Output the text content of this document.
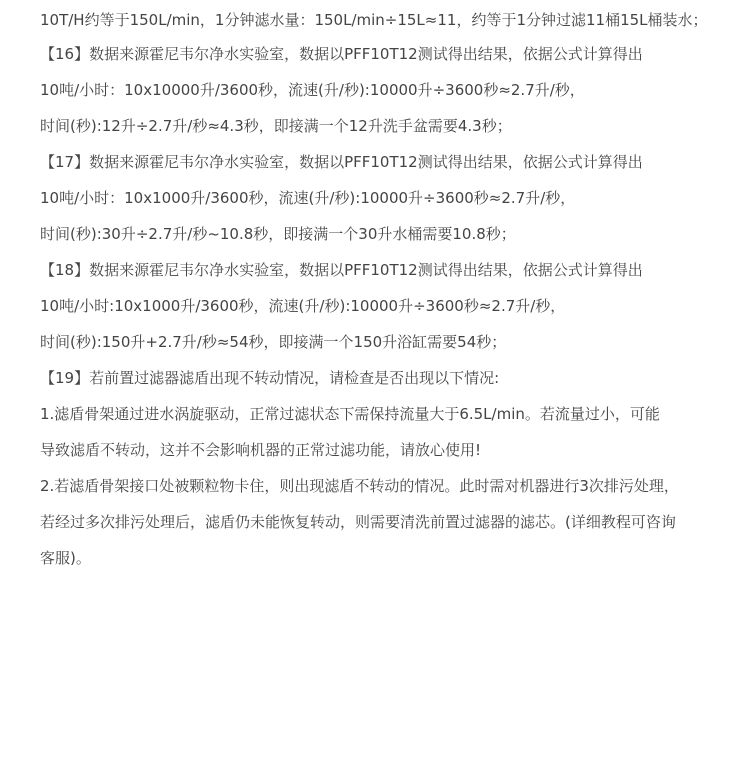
10T/H约等于150L/min，1分钟滤水量：150L/min÷15L≈11，约等于1分钟过滤11桶15L桶装水；
【16】数据来源霍尼韦尔净水实验室，数据以PFF10T12测试得出结果，依据公式计算得出
10吨/小时：10x10000升/3600秒，流速(升/秒):10000升÷3600秒≈2.7升/秒，
时间(秒):12升÷2.7升/秒≈4.3秒，即接满一个12升洗手盆需要4.3秒；
【17】数据来源霍尼韦尔净水实验室，数据以PFF10T12测试得出结果，依据公式计算得出
10吨/小时：10x1000升/3600秒，流速(升/秒):10000升÷3600秒≈2.7升/秒，
时间(秒):30升÷2.7升/秒~10.8秒，即接满一个30升水桶需要10.8秒；
【18】数据来源霍尼韦尔净水实验室，数据以PFF10T12测试得出结果，依据公式计算得出
10吨/小时:10x1000升/3600秒，流速(升/秒):10000升÷3600秒≈2.7升/秒，
时间(秒):150升+2.7升/秒≈54秒，即接满一个150升浴缸需要54秒；
【19】若前置过滤器滤盾出现不转动情况，请检查是否出现以下情况:
1.滤盾骨架通过进水涡旋驱动，正常过滤状态下需保持流量大于6.5L/min。若流量过小，可能
导致滤盾不转动，这并不会影响机器的正常过滤功能，请放心使用!
2.若滤盾骨架接口处被颗粒物卡住，则出现滤盾不转动的情况。此时需对机器进行3次排污处理，
若经过多次排污处理后，滤盾仍未能恢复转动，则需要清洗前置过滤器的滤芯。(详细教程可咨询
客服)。
